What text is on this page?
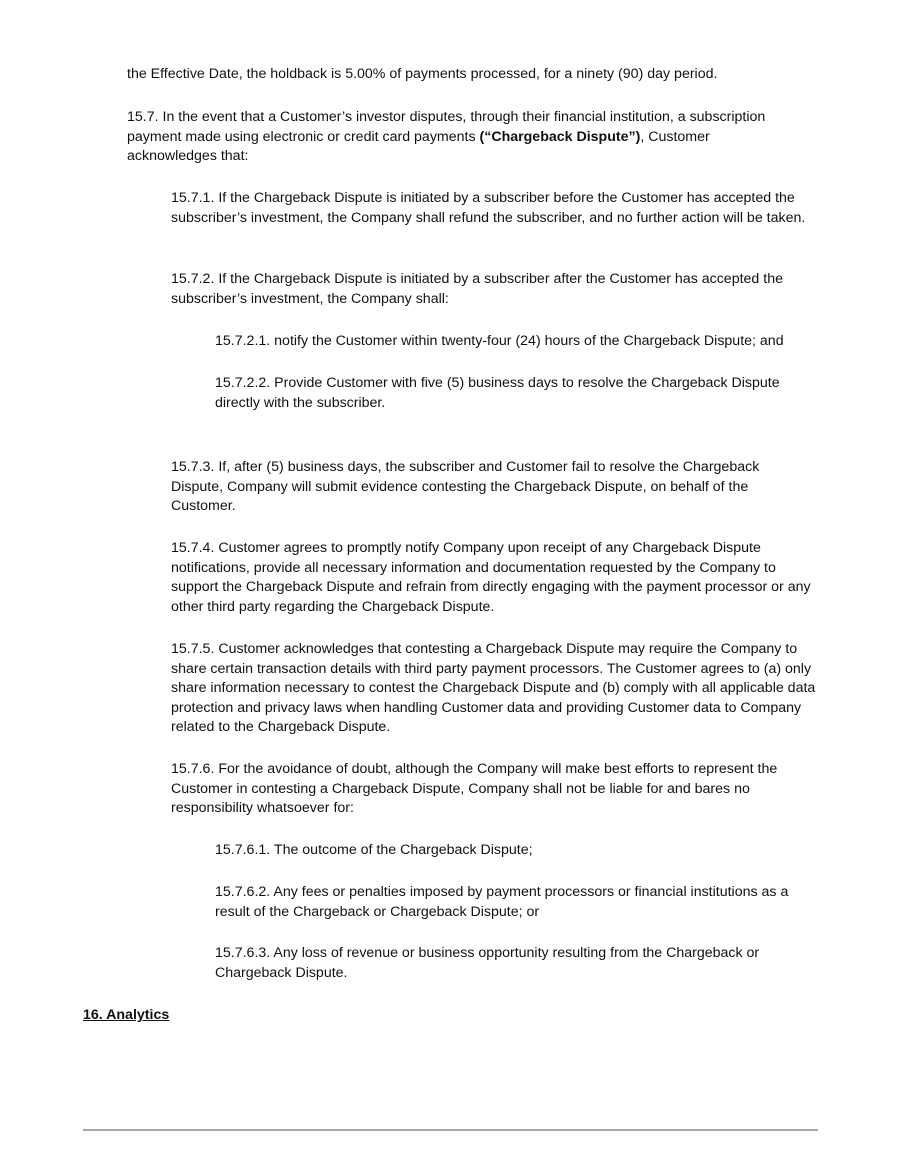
the Effective Date, the holdback is 5.00% of payments processed, for a ninety (90) day period.

15.7. In the event that a Customer’s investor disputes, through their financial institution, a subscription payment made using electronic or credit card payments (“Chargeback Dispute”), Customer acknowledges that:

15.7.1. If the Chargeback Dispute is initiated by a subscriber before the Customer has accepted the subscriber’s investment, the Company shall refund the subscriber, and no further action will be taken.

15.7.2. If the Chargeback Dispute is initiated by a subscriber after the Customer has accepted the subscriber’s investment, the Company shall:

15.7.2.1. notify the Customer within twenty-four (24) hours of the Chargeback Dispute; and

15.7.2.2. Provide Customer with five (5) business days to resolve the Chargeback Dispute directly with the subscriber.

15.7.3. If, after (5) business days, the subscriber and Customer fail to resolve the Chargeback Dispute, Company will submit evidence contesting the Chargeback Dispute, on behalf of the Customer.

15.7.4. Customer agrees to promptly notify Company upon receipt of any Chargeback Dispute notifications, provide all necessary information and documentation requested by the Company to support the Chargeback Dispute and refrain from directly engaging with the payment processor or any other third party regarding the Chargeback Dispute.

15.7.5. Customer acknowledges that contesting a Chargeback Dispute may require the Company to share certain transaction details with third party payment processors. The Customer agrees to (a) only share information necessary to contest the Chargeback Dispute and (b) comply with all applicable data protection and privacy laws when handling Customer data and providing Customer data to Company related to the Chargeback Dispute.

15.7.6. For the avoidance of doubt, although the Company will make best efforts to represent the Customer in contesting a Chargeback Dispute, Company shall not be liable for and bares no responsibility whatsoever for:

15.7.6.1. The outcome of the Chargeback Dispute;

15.7.6.2. Any fees or penalties imposed by payment processors or financial institutions as a result of the Chargeback or Chargeback Dispute; or

15.7.6.3. Any loss of revenue or business opportunity resulting from the Chargeback or Chargeback Dispute.

16. Analytics
